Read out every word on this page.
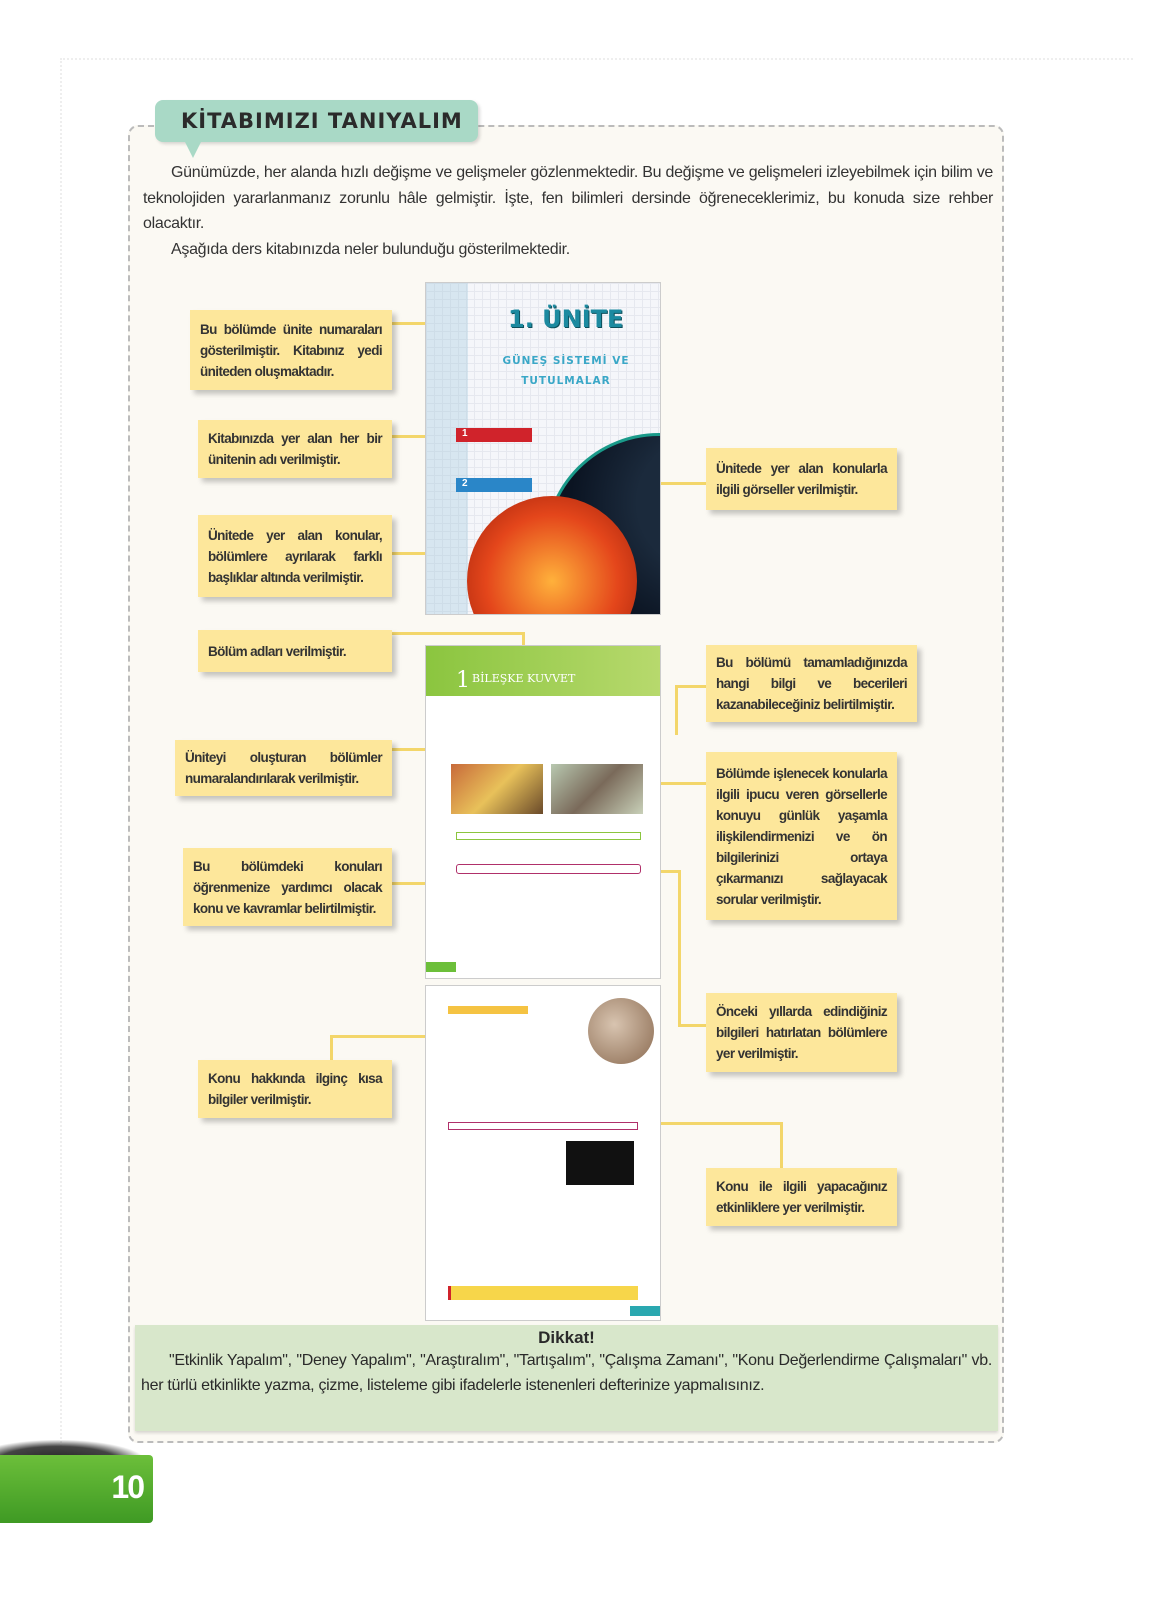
KİTABIMIZI TANIYALIM

Günümüzde, her alanda hızlı değişme ve gelişmeler gözlenmektedir. Bu değişme ve gelişmeleri izleyebilmek için bilim ve teknolojiden yararlanmanız zorunlu hâle gelmiştir. İşte, fen bilimleri dersinde öğreneceklerimiz, bu konuda size rehber olacaktır.

Aşağıda ders kitabınızda neler bulunduğu gösterilmektedir.

1. ÜNİTE
GÜNEŞ SİSTEMİ VE TUTULMALAR
1
2
1 BİLEŞKE KUVVET
Bu bölümde ünite numaraları gösterilmiştir. Kitabınız yedi üniteden oluşmaktadır.
Kitabınızda yer alan her bir ünitenin adı verilmiştir.
Ünitede yer alan konular, bölümlere ayrılarak farklı başlıklar altında verilmiştir.
Bölüm adları verilmiştir.
Üniteyi oluşturan bölümler numaralandırılarak verilmiştir.
Bu bölümdeki konuları öğrenmenize yardımcı olacak konu ve kavramlar belirtilmiştir.
Konu hakkında ilginç kısa bilgiler verilmiştir.
Ünitede yer alan konularla ilgili görseller verilmiştir.
Bu bölümü tamamladığınızda hangi bilgi ve becerileri kazanabileceğiniz belirtilmiştir.
Bölümde işlenecek konularla ilgili ipucu veren görsellerle konuyu günlük yaşamla ilişkilendirmenizi ve ön bilgilerinizi ortaya çıkarmanızı sağlayacak sorular verilmiştir.
Önceki yıllarda edindiğiniz bilgileri hatırlatan bölümlere yer verilmiştir.
Konu ile ilgili yapacağınız etkinliklere yer verilmiştir.
Dikkat!
"Etkinlik Yapalım", "Deney Yapalım", "Araştıralım", "Tartışalım", "Çalışma Zamanı", "Konu Değerlendirme Çalışmaları" vb. her türlü etkinlikte yazma, çizme, listeleme gibi ifadelerle istenenleri defterinize yapmalısınız.
10
